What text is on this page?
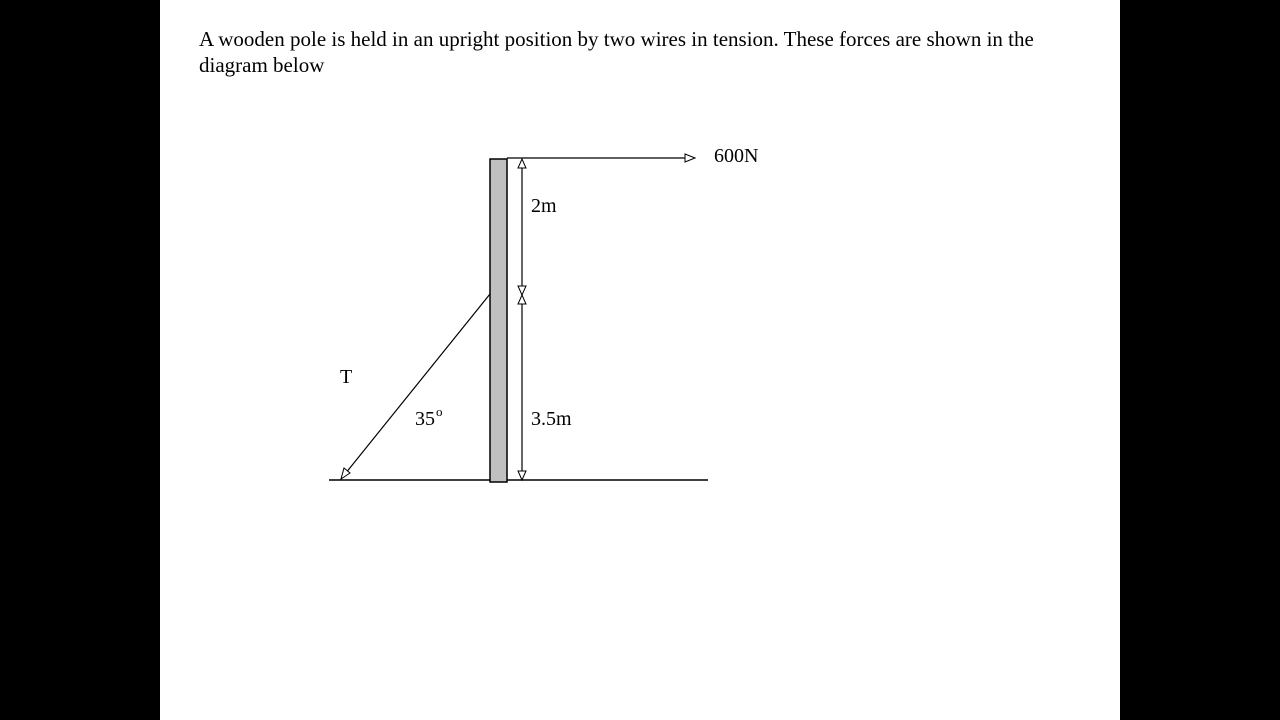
A wooden pole is held in an upright position by two wires in tension. These forces are shown in the diagram below

600N
2m
3.5m
T
35$^o$
